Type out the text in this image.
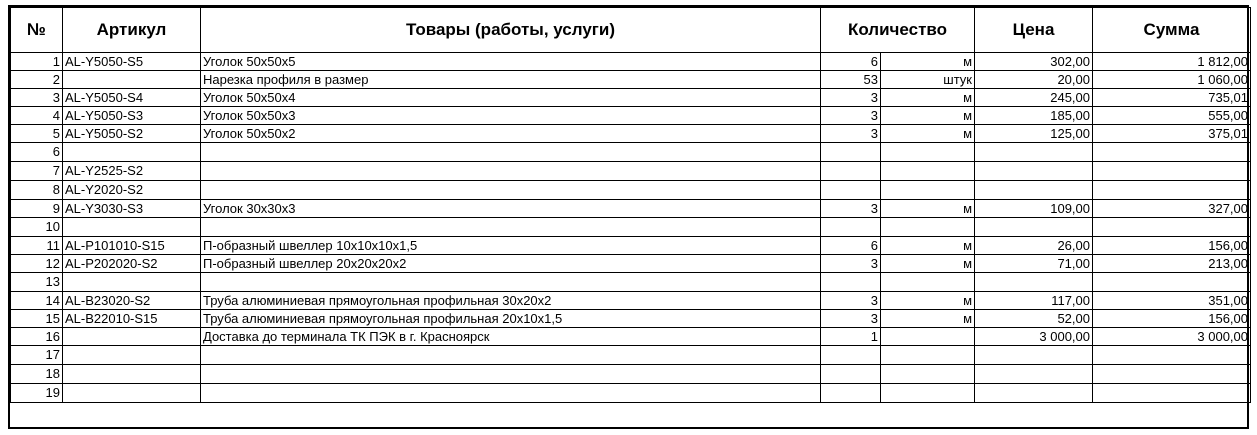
№	Артикул	Товары (работы, услуги)	Количество		Цена	Сумма
1	AL-Y5050-S5	Уголок 50х50х5	6	м	302,00	1 812,00
2		Нарезка профиля в размер	53	штук	20,00	1 060,00
3	AL-Y5050-S4	Уголок 50х50х4	3	м	245,00	735,01
4	AL-Y5050-S3	Уголок 50х50х3	3	м	185,00	555,00
5	AL-Y5050-S2	Уголок 50х50х2	3	м	125,00	375,01
6						
7	AL-Y2525-S2					
8	AL-Y2020-S2					
9	AL-Y3030-S3	Уголок 30х30х3	3	м	109,00	327,00
10						
11	AL-P101010-S15	П-образный швеллер 10х10х10х1,5	6	м	26,00	156,00
12	AL-P202020-S2	П-образный швеллер 20х20х20х2	3	м	71,00	213,00
13						
14	AL-B23020-S2	Труба алюминиевая прямоугольная профильная 30х20х2	3	м	117,00	351,00
15	AL-B22010-S15	Труба алюминиевая прямоугольная профильная 20х10х1,5	3	м	52,00	156,00
16		Доставка до терминала ТК ПЭК в г. Красноярск	1		3 000,00	3 000,00
17						
18						
19						
